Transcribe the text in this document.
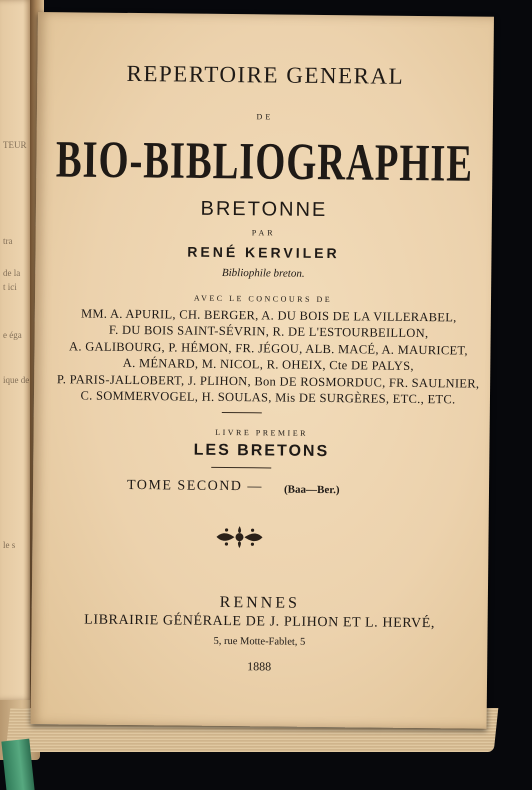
TEUR
tra
de la
t ici
e éga
ique de
le s
REPERTOIRE GENERAL
DE
BIO-BIBLIOGRAPHIE
BRETONNE
PAR
RENÉ KERVILER
Bibliophile breton.
AVEC LE CONCOURS DE
MM. A. APURIL, CH. BERGER, A. DU BOIS DE LA VILLERABEL,
F. DU BOIS SAINT-SÉVRIN, R. DE L'ESTOURBEILLON,
A. GALIBOURG, P. HÉMON, FR. JÉGOU, ALB. MACÉ, A. MAURICET,
A. MÉNARD, M. NICOL, R. OHEIX, Cte DE PALYS,
P. PARIS-JALLOBERT, J. PLIHON, Bon DE ROSMORDUC, FR. SAULNIER,
C. SOMMERVOGEL, H. SOULAS, Mis DE SURGÈRES, ETC., ETC.
LIVRE PREMIER
LES BRETONS
TOME SECOND — (Baa—Ber.)
RENNES
LIBRAIRIE GÉNÉRALE DE J. PLIHON ET L. HERVÉ,
5, rue Motte-Fablet, 5
1888
